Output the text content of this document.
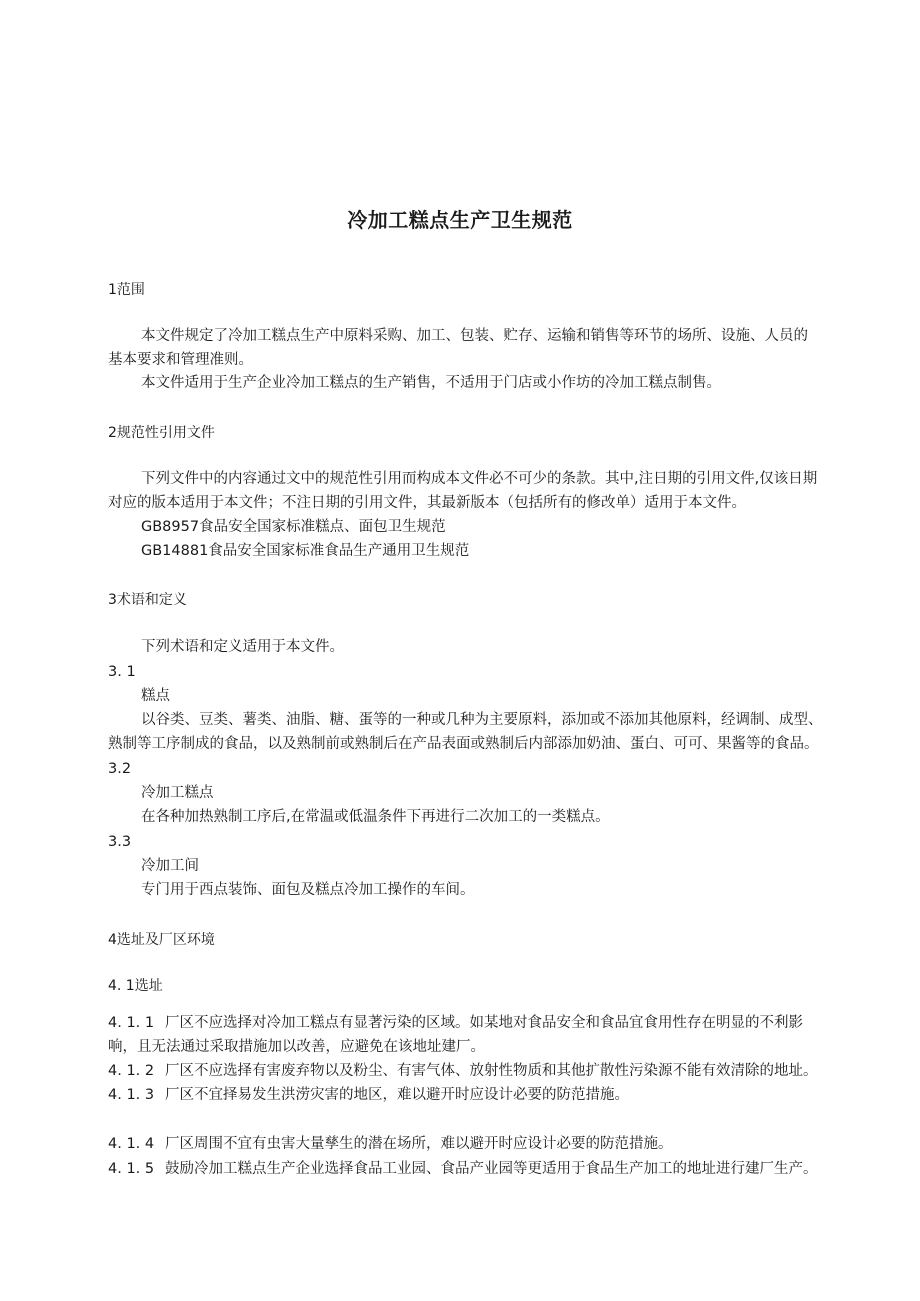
冷加工糕点生产卫生规范
1范围
本文件规定了冷加工糕点生产中原料采购、加工、包装、贮存、运输和销售等环节的场所、设施、人员的
基本要求和管理准则。
本文件适用于生产企业冷加工糕点的生产销售，不适用于门店或小作坊的冷加工糕点制售。
2规范性引用文件
下列文件中的内容通过文中的规范性引用而构成本文件必不可少的条款。其中,注日期的引用文件,仅该日期
对应的版本适用于本文件；不注日期的引用文件，其最新版本（包括所有的修改单）适用于本文件。
GB8957食品安全国家标准糕点、面包卫生规范
GB14881食品安全国家标准食品生产通用卫生规范
3术语和定义
下列术语和定义适用于本文件。
3. 1
糕点
以谷类、豆类、薯类、油脂、糖、蛋等的一种或几种为主要原料，添加或不添加其他原料，经调制、成型、
熟制等工序制成的食品，以及熟制前或熟制后在产品表面或熟制后内部添加奶油、蛋白、可可、果酱等的食品。
3.2
冷加工糕点
在各种加热熟制工序后,在常温或低温条件下再进行二次加工的一类糕点。
3.3
冷加工间
专门用于西点装饰、面包及糕点冷加工操作的车间。
4选址及厂区环境
4. 1选址
4. 1. 1 厂区不应选择对冷加工糕点有显著污染的区域。如某地对食品安全和食品宜食用性存在明显的不利影
响，且无法通过采取措施加以改善，应避免在该地址建厂。
4. 1. 2 厂区不应选择有害废弃物以及粉尘、有害气体、放射性物质和其他扩散性污染源不能有效清除的地址。
4. 1. 3 厂区不宜择易发生洪涝灾害的地区，难以避开时应设计必要的防范措施。
4. 1. 4 厂区周围不宜有虫害大量孳生的潜在场所，难以避开时应设计必要的防范措施。
4. 1. 5 鼓励冷加工糕点生产企业选择食品工业园、食品产业园等更适用于食品生产加工的地址进行建厂生产。
